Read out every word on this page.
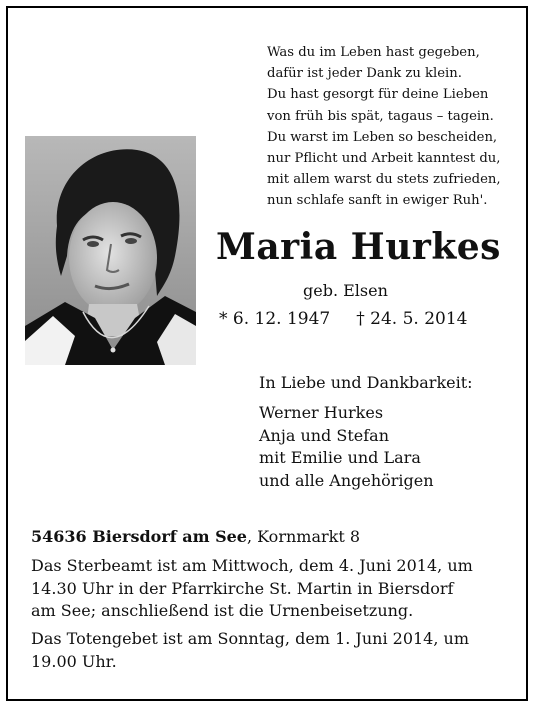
Was du im Leben hast gegeben,
dafür ist jeder Dank zu klein.
Du hast gesorgt für deine Lieben
von früh bis spät, tagaus – tagein.
Du warst im Leben so bescheiden,
nur Pflicht und Arbeit kanntest du,
mit allem warst du stets zufrieden,
nun schlafe sanft in ewiger Ruh'.
Maria Hurkes
geb. Elsen
* 6. 12. 1947 † 24. 5. 2014
In Liebe und Dankbarkeit:
Werner Hurkes
Anja und Stefan
mit Emilie und Lara
und alle Angehörigen
54636 Biersdorf am See, Kornmarkt 8
Das Sterbeamt ist am Mittwoch, dem 4. Juni 2014, um
14.30 Uhr in der Pfarrkirche St. Martin in Biersdorf
am See; anschließend ist die Urnenbeisetzung.
Das Totengebet ist am Sonntag, dem 1. Juni 2014, um
19.00 Uhr.
